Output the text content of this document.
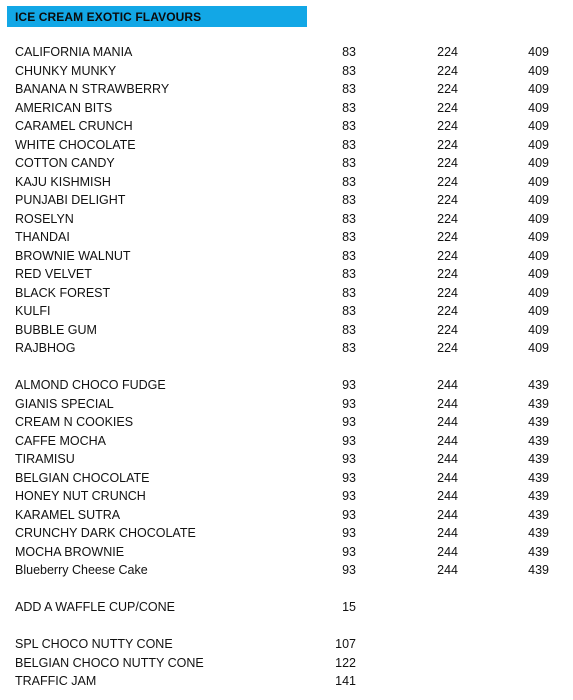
ICE CREAM EXOTIC FLAVOURS
CALIFORNIA MANIA	83	224	409
CHUNKY MUNKY	83	224	409
BANANA N STRAWBERRY	83	224	409
AMERICAN BITS	83	224	409
CARAMEL CRUNCH	83	224	409
WHITE CHOCOLATE	83	224	409
COTTON CANDY	83	224	409
KAJU KISHMISH	83	224	409
PUNJABI DELIGHT	83	224	409
ROSELYN	83	224	409
THANDAI	83	224	409
BROWNIE WALNUT	83	224	409
RED VELVET	83	224	409
BLACK FOREST	83	224	409
KULFI	83	224	409
BUBBLE GUM	83	224	409
RAJBHOG	83	224	409
ALMOND CHOCO FUDGE	93	244	439
GIANIS SPECIAL	93	244	439
CREAM N COOKIES	93	244	439
CAFFE MOCHA	93	244	439
TIRAMISU	93	244	439
BELGIAN CHOCOLATE	93	244	439
HONEY NUT CRUNCH	93	244	439
KARAMEL SUTRA	93	244	439
CRUNCHY DARK CHOCOLATE	93	244	439
MOCHA BROWNIE	93	244	439
Blueberry Cheese Cake	93	244	439
ADD A WAFFLE CUP/CONE	15
SPL CHOCO NUTTY CONE	107
BELGIAN CHOCO NUTTY CONE	122
TRAFFIC JAM	141
